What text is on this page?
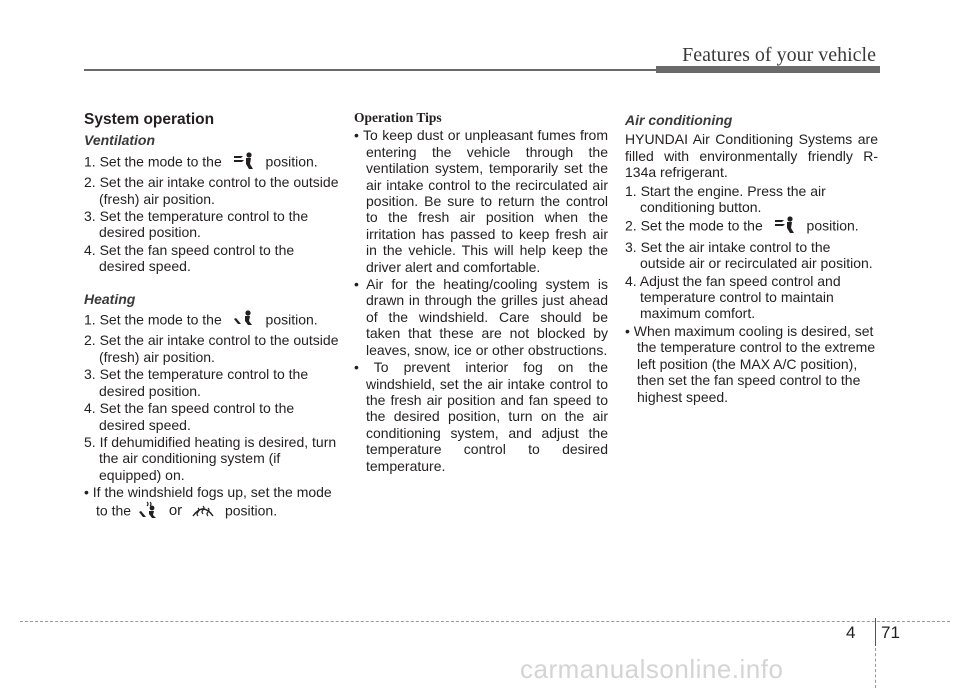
Features of your vehicle
System operation
Ventilation
1. Set the mode to the	position.
2. Set the air intake control to the outside (fresh) air position.
3. Set the temperature control to the desired position.
4. Set the fan speed control to the desired speed.
Heating
1. Set the mode to the	position.
2. Set the air intake control to the outside (fresh) air position.
3. Set the temperature control to the desired position.
4. Set the fan speed control to the desired speed.
5. If dehumidified heating is desired, turn the air conditioning system (if equipped) on.
• If the windshield fogs up, set the mode to the	or	position.
Operation Tips
• To keep dust or unpleasant fumes from entering the vehicle through the ventilation system, temporarily set the air intake control to the recirculated air position. Be sure to return the control to the fresh air position when the irritation has passed to keep fresh air in the vehicle. This will help keep the driver alert and comfortable.
• Air for the heating/cooling system is drawn in through the grilles just ahead of the windshield. Care should be taken that these are not blocked by leaves, snow, ice or other obstructions.
• To prevent interior fog on the windshield, set the air intake control to the fresh air position and fan speed to the desired position, turn on the air conditioning system, and adjust the temperature control to desired temperature.
Air conditioning
HYUNDAI Air Conditioning Systems are filled with environmentally friendly R-134a refrigerant.
1. Start the engine. Press the air conditioning button.
2. Set the mode to the	position.
3. Set the air intake control to the outside air or recirculated air position.
4. Adjust the fan speed control and temperature control to maintain maximum comfort.
• When maximum cooling is desired, set the temperature control to the extreme left position (the MAX A/C position), then set the fan speed control to the highest speed.
4 71
carmanualsonline.info
